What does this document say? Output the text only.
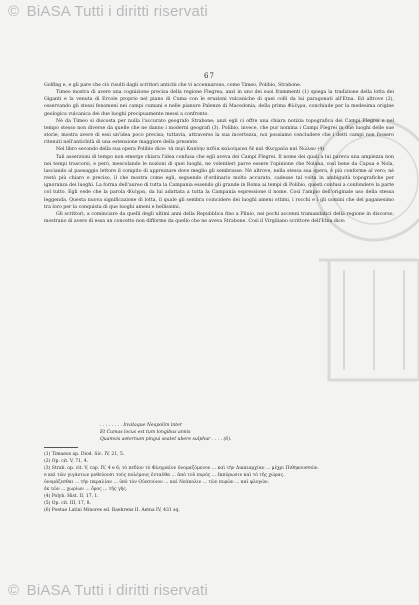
© BiASA Tutti i diritti riservati
67

Golfing e, e gli pare che ciò risulti dagli scrittori antichi che vi accennarono, come Timeo, Polibio, Strabone.

Timeo mostra di avere una cognizione precisa della regione Flegrea, anzi in uno dei suoi frammenti (1) spiega la tradizione della lotta dei Giganti e la venuta di Ercole proprio nel piano di Cuma con le eruzioni vulcaniche di quei colli da lui paragonati all'Etna. Ed altrove (2), osservando gli stessi fenomeni nei campi cumani e nelle pianure Palenze di Macedonia, della prima Φλέγρα, conchiude per la medesima origine geologica vulcanica dei due luoghi precipuamente messi a confronto.

Nè da Timeo si discosta per nulla l'accurato geografo Strabone; anzi egli ci offre una chiara notizia topografica dei Campi Flegrei e nel tempo stesso non diverse da quelle che ne danno i moderni geografi (3). Polibio, invece, che pur nomina i Campi Flegrei in due luoghi delle sue storie, mostra avere di essi un'idea poco precisa; tuttavia, attraverso la sua incertezza, noi possiamo concludere che i detti campi non fossero ritenuti nell'antichità di una estensione maggiore della presente.

Nel libro secondo della sua opera Polibio dice: τὰ περὶ Καπύην πεδία καλούμενα δὲ καὶ Φλεγραῖα καὶ Νώλαν (4).

Tali asserzioni di tempo non emerge chiara l'idea confusa che egli aveva dei Campi Flegrei. Il nome dei quali a lui pareva una ampiezza non nei tempi trascorsi, e però, mescolando le nozioni di quei luoghi, ne volentieri parve essere l'opinione che Nolana, così bene da Capua e Nola, lasciando al paesaggio lettore il compito di apprezzare dove meglio gli sembrasse. Nè altrove, nella stessa sua opera, è più conforme al vero; nè restò più chiaro e preciso, il che mostra come egli, seguendo d'ordinario molto accurato, cadesse tal volta in ambiguità topografiche per ignoranza dei luoghi. La forma dell'aureo di tutta la Campania essendo gli grande in Roma ai tempi di Polibio, questi confusi a confondere la parte col tutto. Egli vede che la parola Φλέγρα, da lui adattata a tutta la Campania espressione il nome. Così l'ampio dell'originale uso della stessa leggenda. Questa nuova significazione di lotta, il quale gli sembra coincidere dei luoghi ameni ottimi, i rocchi e i gli uomini che del paganesimo tra loro per la conquista di que luoghi ameni e bellissimi.

Gli scrittori, a cominciare da quelli degli ultimi anni della Repubblica fino a Plinio, nei pochi accenni tramandatici della regione in discorso, mostrano di avere di essa un concetto non difforme da quello che ne aveva Strabone. Così il Virgiliano scrittore dell'Etna dice:

. . . . . . . . Invitaque Neapolim inter
Et Cumas locus est tum longibus annis
Quamvis aeternum pingui seatet ubere sulphur . . . . (6).
(1) Timaeus ap. Diod. Sic. IV, 21, 5.
(2) Op. cit. V, 71, 4.
(3) Strab. op. cit. V, cap. IV, 4 e 6; τὸ πεδίον τὸ Φλεγραῖον ὀνομαζόμενον ... καὶ τὴν Δικαιαρχίαν ... μέχρι Πιθηκουσσῶν.
e καὶ τῶν γιγάντων μυθεύουσι τοὺς πολέμους ἐνταῦθα ... ἀπὸ τοῦ πυρὸς ... ἐκπύρωσιν καὶ τὸ τῆς χώρας.
ὀνομάζεσθαι ... τὴν παραλίαν ... ὑπὸ τὸν Οὐεσούιον ... καὶ Νεάπολιν ... τῶν πυρῶν ... καὶ φλογῶν.
ἐκ τῶν ... χωρίων ... ὄρος ... τῆς γῆς.
(4) Polyb. Hist. II, 17, 1.
(5) Op. cit. III, 17, 8.
(6) Poetae Latini Minores ed. Baehrens II. Aetna IV, 431 sq.
© BiASA Tutti i diritti riservati
